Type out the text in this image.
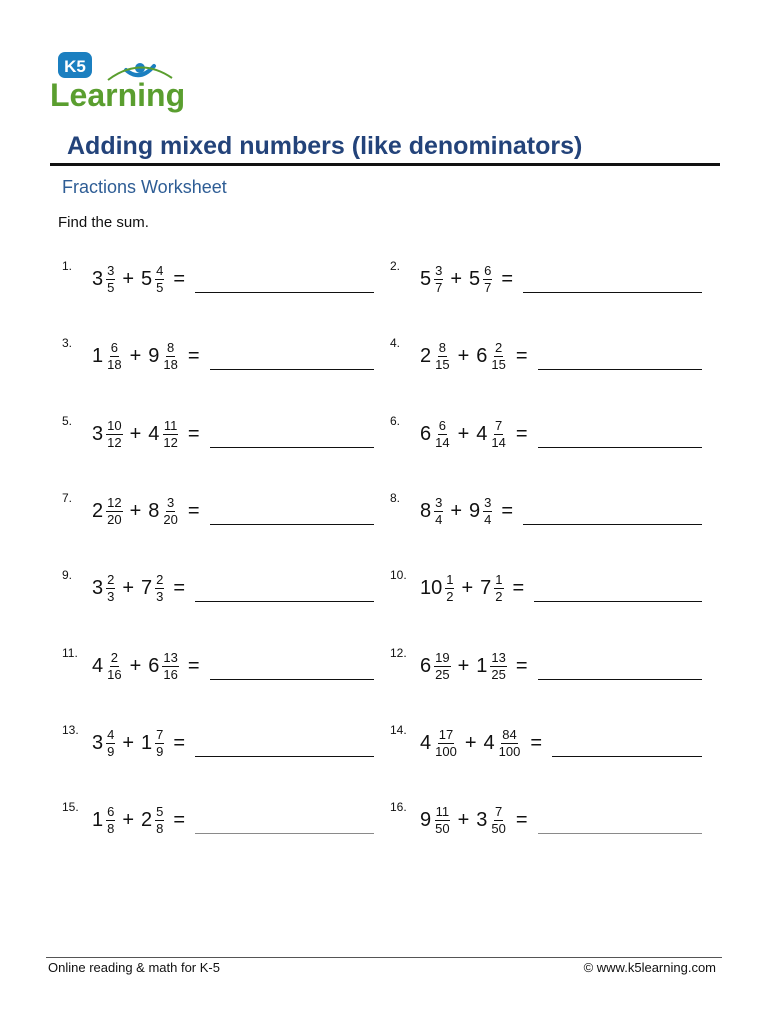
K5
Learning
Adding mixed numbers (like denominators)
Fractions Worksheet
Find the sum.
1.
$3 \frac{3}{5} + 5 \frac{4}{5}$ =
2.
$5 \frac{3}{7} + 5 \frac{6}{7}$ =
3.
$1 \frac{6}{18} + 9 \frac{8}{18}$ =
4.
$2 \frac{8}{15} + 6 \frac{2}{15}$ =
5.
$3 \frac{10}{12} + 4 \frac{11}{12}$ =
6.
$6 \frac{6}{14} + 4 \frac{7}{14}$ =
7.
$2 \frac{12}{20} + 8 \frac{3}{20}$ =
8.
$8 \frac{3}{4} + 9 \frac{3}{4}$ =
9.
$3 \frac{2}{3} + 7 \frac{2}{3}$ =
10.
$10 \frac{1}{2} + 7 \frac{1}{2}$ =
11.
$4 \frac{2}{16} + 6 \frac{13}{16}$ =
12.
$6 \frac{19}{25} + 1 \frac{13}{25}$ =
13.
$3 \frac{4}{9} + 1 \frac{7}{9}$ =
14.
$4 \frac{17}{100} + 4 \frac{84}{100}$ =
15.
$1 \frac{6}{8} + 2 \frac{5}{8}$ =
16.
$9 \frac{11}{50} + 3 \frac{7}{50}$ =
Online reading & math for K-5	© www.k5learning.com
